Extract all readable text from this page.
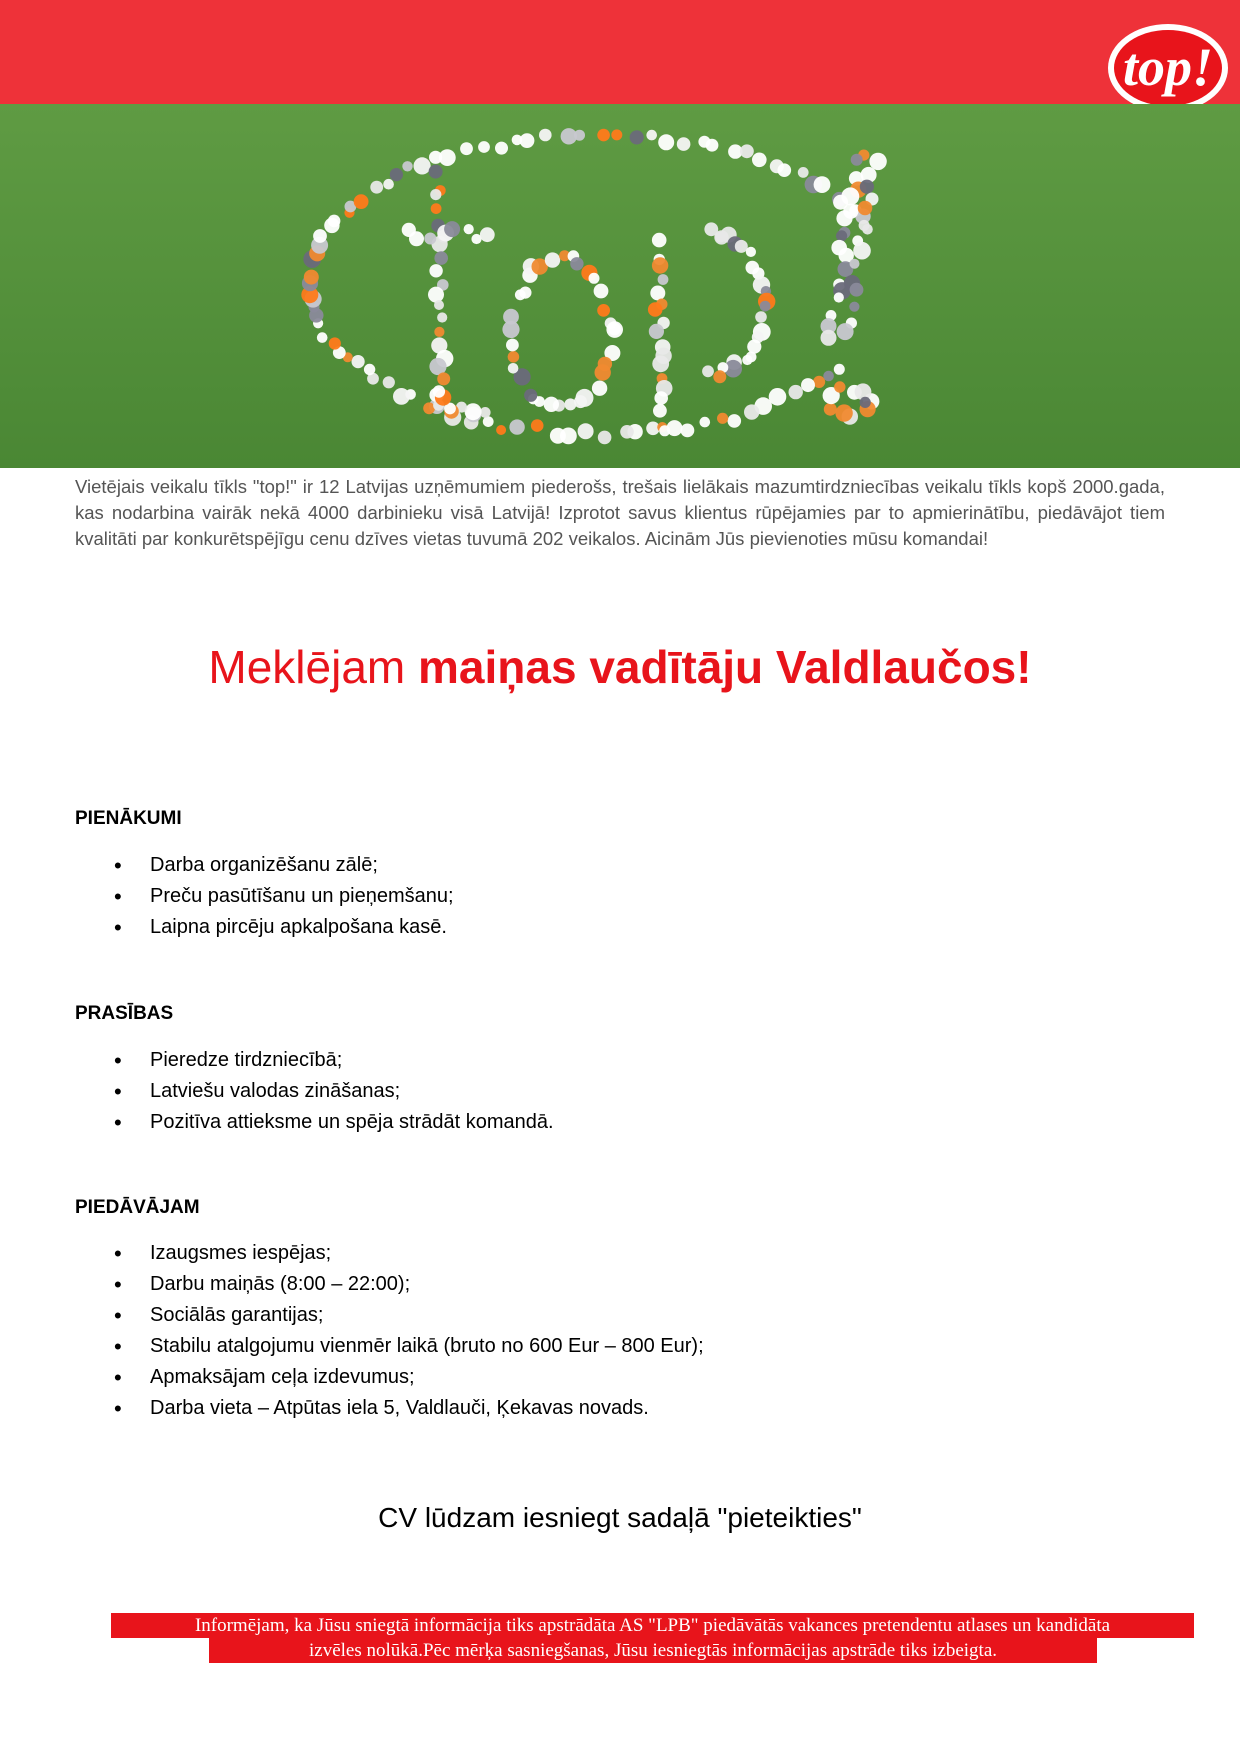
top!
Vietējais veikalu tīkls "top!" ir 12 Latvijas uzņēmumiem piederošs, trešais lielākais mazumtirdzniecības veikalu tīkls kopš 2000.gada, kas nodarbina vairāk nekā 4000 darbinieku visā Latvijā! Izprotot savus klientus rūpējamies par to apmierinātību, piedāvājot tiem kvalitāti par konkurētspējīgu cenu dzīves vietas tuvumā 202 veikalos. Aicinām Jūs pievienoties mūsu komandai!
Meklējam maiņas vadītāju Valdlaučos!
PIENĀKUMI
• Darba organizēšanu zālē;
• Preču pasūtīšanu un pieņemšanu;
• Laipna pircēju apkalpošana kasē.
PRASĪBAS
• Pieredze tirdzniecībā;
• Latviešu valodas zināšanas;
• Pozitīva attieksme un spēja strādāt komandā.
PIEDĀVĀJAM
• Izaugsmes iespējas;
• Darbu maiņās (8:00 – 22:00);
• Sociālās garantijas;
• Stabilu atalgojumu vienmēr laikā (bruto no 600 Eur – 800 Eur);
• Apmaksājam ceļa izdevumus;
• Darba vieta – Atpūtas iela 5, Valdlauči, Ķekavas novads.
CV lūdzam iesniegt sadaļā "pieteikties"
Informējam, ka Jūsu sniegtā informācija tiks apstrādāta AS "LPB" piedāvātās vakances pretendentu atlases un kandidāta
izvēles nolūkā.Pēc mērķa sasniegšanas, Jūsu iesniegtās informācijas apstrāde tiks izbeigta.
